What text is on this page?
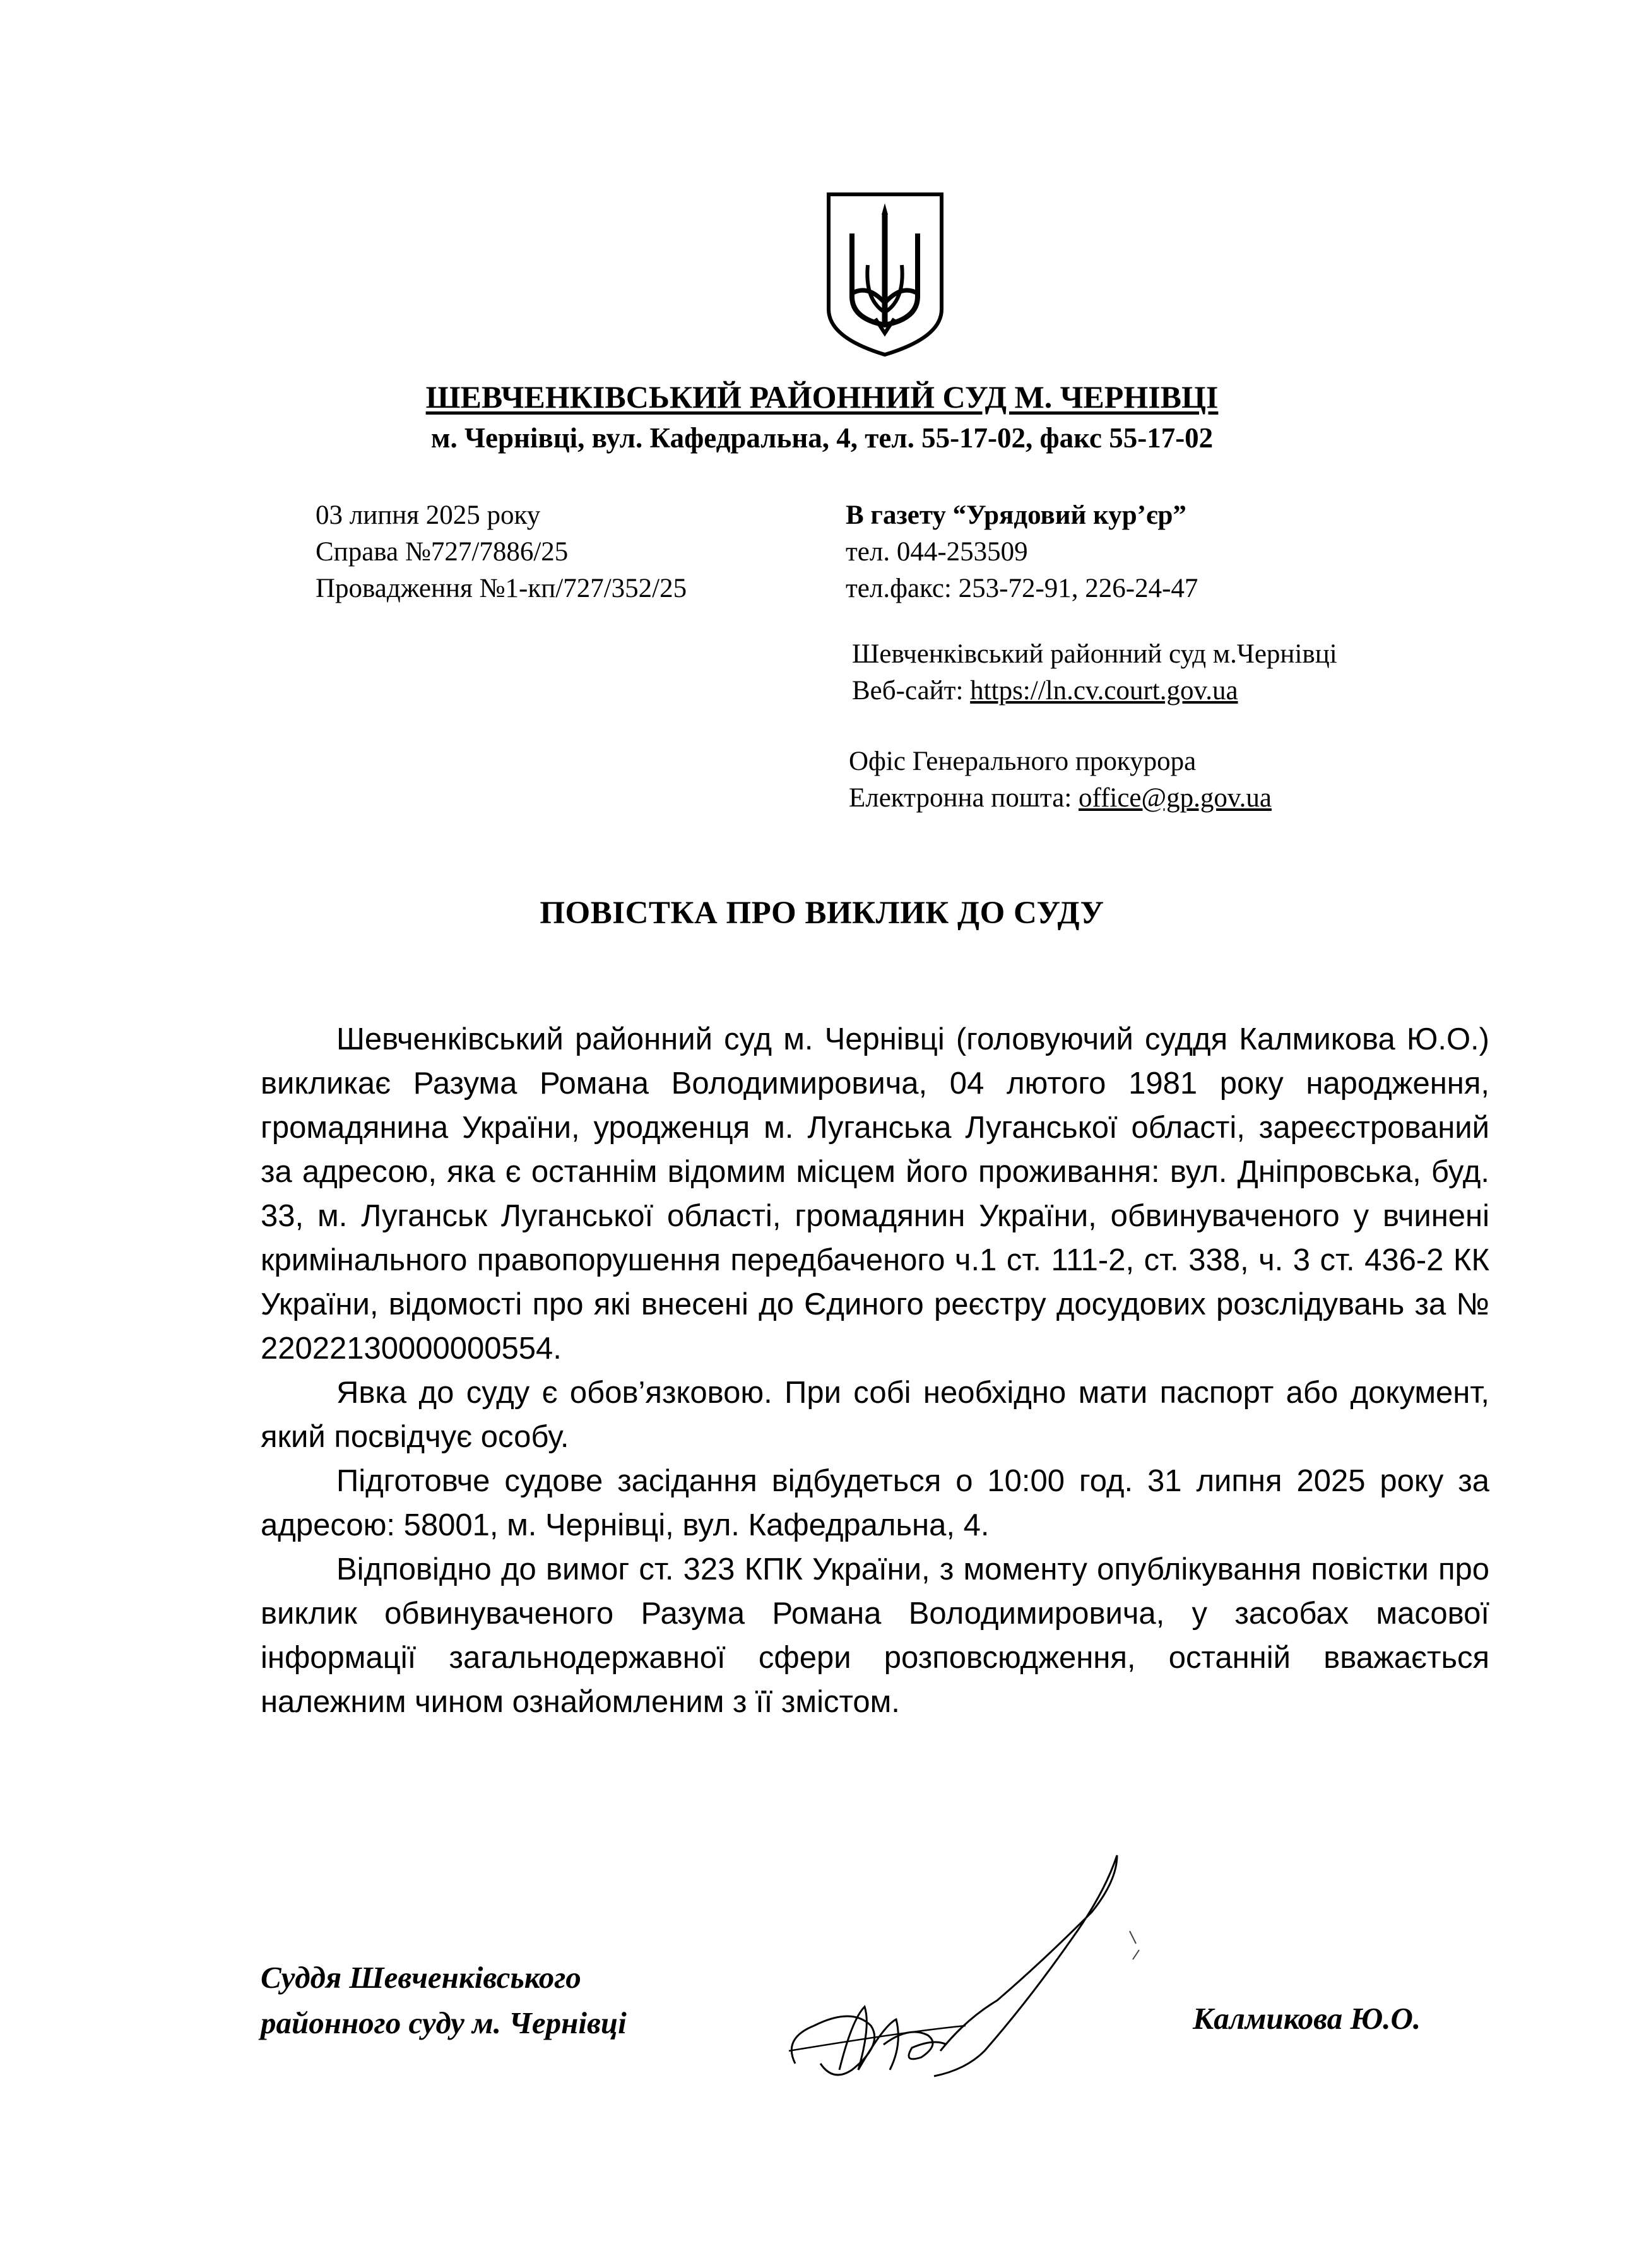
ШЕВЧЕНКІВСЬКИЙ РАЙОННИЙ СУД М. ЧЕРНІВЦІ
м. Чернівці, вул. Кафедральна, 4, тел. 55-17-02, факс 55-17-02
03 липня 2025 року
Справа №727/7886/25
Провадження №1-кп/727/352/25
В газету “Урядовий кур’єр”
тел. 044-253509
тел.факс: 253-72-91, 226-24-47
Шевченківський районний суд м.Чернівці
Веб-сайт: https://ln.cv.court.gov.ua
Офіс Генерального прокурора
Електронна пошта: office@gp.gov.ua
ПОВІСТКА ПРО ВИКЛИК ДО СУДУ

Шевченківський районний суд м. Чернівці (головуючий суддя Калмикова Ю.О.) викликає Разума Романа Володимировича, 04 лютого 1981 року народження, громадянина України, уродженця м. Луганська Луганської області, зареєстрований за адресою, яка є останнім відомим місцем його проживання: вул. Дніпровська, буд. 33, м. Луганськ Луганської області, громадянин України, обвинуваченого у вчинені кримінального правопорушення передбаченого ч.1 ст. 111-2, ст. 338, ч. 3 ст. 436-2 КК України, відомості про які внесені до Єдиного реєстру досудових розслідувань за № 22022130000000554.

Явка до суду є обов’язковою. При собі необхідно мати паспорт або документ, який посвідчує особу.

Підготовче судове засідання відбудеться о 10:00 год. 31 липня 2025 року за адресою: 58001, м. Чернівці, вул. Кафедральна, 4.

Відповідно до вимог ст. 323 КПК України, з моменту опублікування повістки про виклик обвинуваченого Разума Романа Володимировича, у засобах масової інформації загальнодержавної сфери розповсюдження, останній вважається належним чином ознайомленим з її змістом.

Суддя Шевченківського
районного суду м. Чернівці	Калмикова Ю.О.
